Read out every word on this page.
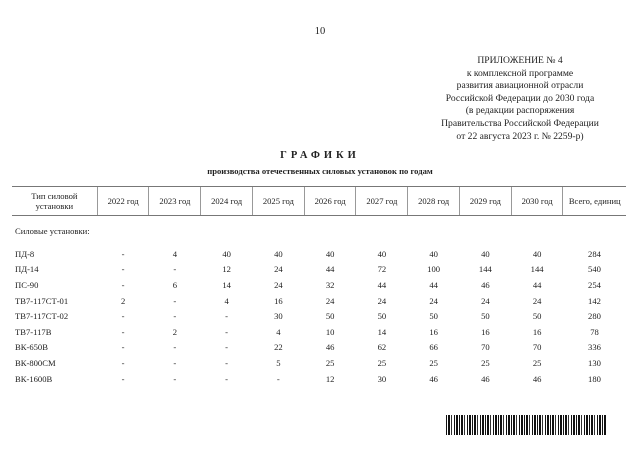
10
ПРИЛОЖЕНИЕ № 4
к комплексной программе
развития авиационной отрасли
Российской Федерации до 2030 года
(в редакции распоряжения
Правительства Российской Федерации
от 22 августа 2023 г. № 2259-р)
ГРАФИКИ
производства отечественных силовых установок по годам
Тип силовой установки	2022 год	2023 год	2024 год	2025 год	2026 год	2027 год	2028 год	2029 год	2030 год	Всего, единиц
Силовые установки:										
ПД-8	-	4	40	40	40	40	40	40	40	284
ПД-14	-	-	12	24	44	72	100	144	144	540
ПС-90	-	6	14	24	32	44	44	46	44	254
ТВ7-117СТ-01	2	-	4	16	24	24	24	24	24	142
ТВ7-117СТ-02	-	-	-	30	50	50	50	50	50	280
ТВ7-117В	-	2	-	4	10	14	16	16	16	78
ВК-650В	-	-	-	22	46	62	66	70	70	336
ВК-800СМ	-	-	-	5	25	25	25	25	25	130
ВК-1600В	-	-	-	-	12	30	46	46	46	180
